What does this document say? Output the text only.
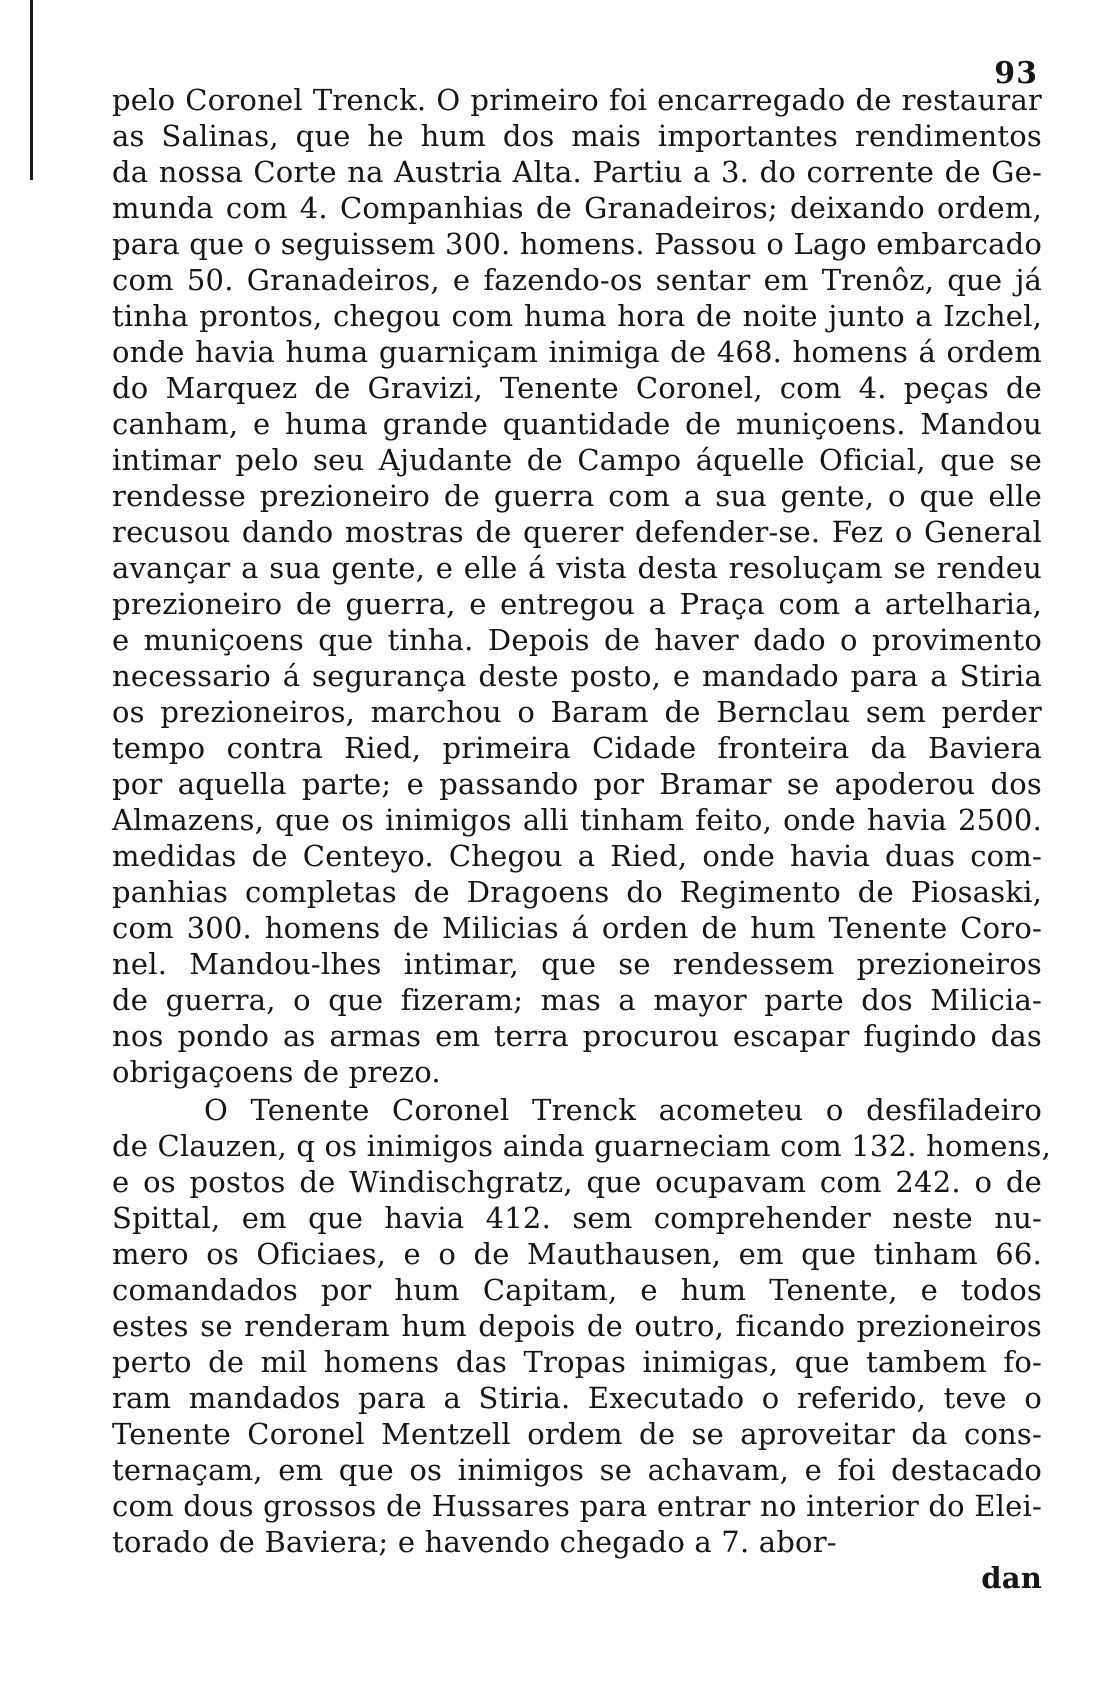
93
pelo Coronel Trenck. O primeiro foi encarregado de restaurar
as Salinas, que he hum dos mais importantes rendimentos
da nossa Corte na Austria Alta. Partiu a 3. do corrente de Ge-
munda com 4. Companhias de Granadeiros; deixando ordem,
para que o seguissem 300. homens. Passou o Lago embarcado
com 50. Granadeiros, e fazendo-os sentar em Trenôz, que já
tinha prontos, chegou com huma hora de noite junto a Izchel,
onde havia huma guarniçam inimiga de 468. homens á ordem
do Marquez de Gravizi, Tenente Coronel, com 4. peças de
canham, e huma grande quantidade de muniçoens. Mandou
intimar pelo seu Ajudante de Campo áquelle Oficial, que se
rendesse prezioneiro de guerra com a sua gente, o que elle
recusou dando mostras de querer defender-se. Fez o General
avançar a sua gente, e elle á vista desta resoluçam se rendeu
prezioneiro de guerra, e entregou a Praça com a artelharia,
e muniçoens que tinha. Depois de haver dado o provimento
necessario á segurança deste posto, e mandado para a Stiria
os prezioneiros, marchou o Baram de Bernclau sem perder
tempo contra Ried, primeira Cidade fronteira da Baviera
por aquella parte; e passando por Bramar se apoderou dos
Almazens, que os inimigos alli tinham feito, onde havia 2500.
medidas de Centeyo. Chegou a Ried, onde havia duas com-
panhias completas de Dragoens do Regimento de Piosaski,
com 300. homens de Milicias á orden de hum Tenente Coro-
nel. Mandou-lhes intimar, que se rendessem prezioneiros
de guerra, o que fizeram; mas a mayor parte dos Milicia-
nos pondo as armas em terra procurou escapar fugindo das
obrigaçoens de prezo.
O Tenente Coronel Trenck acometeu o desfiladeiro
de Clauzen, q os inimigos ainda guarneciam com 132. homens,
e os postos de Windischgratz, que ocupavam com 242. o de
Spittal, em que havia 412. sem comprehender neste nu-
mero os Oficiaes, e o de Mauthausen, em que tinham 66.
comandados por hum Capitam, e hum Tenente, e todos
estes se renderam hum depois de outro, ficando prezioneiros
perto de mil homens das Tropas inimigas, que tambem fo-
ram mandados para a Stiria. Executado o referido, teve o
Tenente Coronel Mentzell ordem de se aproveitar da cons-
ternaçam, em que os inimigos se achavam, e foi destacado
com dous grossos de Hussares para entrar no interior do Elei-
torado de Baviera; e havendo chegado a 7. abor-
dan
